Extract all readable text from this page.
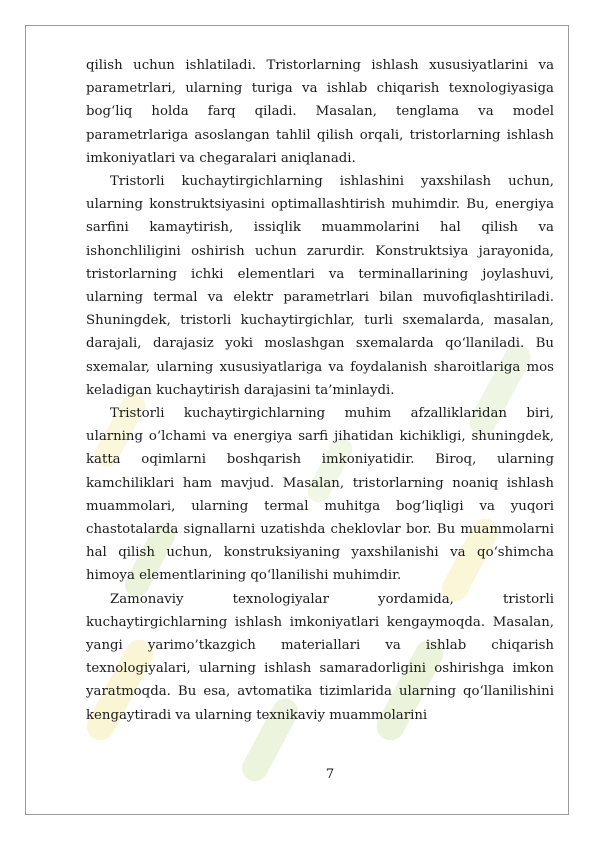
qilish uchun ishlatiladi. Tristorlarning ishlash xususiyatlarini va parametrlari, ularning turiga va ishlab chiqarish texnologiyasiga bog‘liq holda farq qiladi. Masalan, tenglama va model parametrlariga asoslangan tahlil qilish orqali, tristorlarning ishlash imkoniyatlari va chegaralari aniqlanadi.

Tristorli kuchaytirgichlarning ishlashini yaxshilash uchun, ularning konstruktsiyasini optimallashtirish muhimdir. Bu, energiya sarfini kamaytirish, issiqlik muammolarini hal qilish va ishonchliligini oshirish uchun zarurdir. Konstruktsiya jarayonida, tristorlarning ichki elementlari va terminallarining joylashuvi, ularning termal va elektr parametrlari bilan muvofiqlashtiriladi. Shuningdek, tristorli kuchaytirgichlar, turli sxemalarda, masalan, darajali, darajasiz yoki moslashgan sxemalarda qo‘llaniladi. Bu sxemalar, ularning xususiyatlariga va foydalanish sharoitlariga mos keladigan kuchaytirish darajasini ta’minlaydi.

Tristorli kuchaytirgichlarning muhim afzalliklaridan biri, ularning o‘lchami va energiya sarfi jihatidan kichikligi, shuningdek, katta oqimlarni boshqarish imkoniyatidir. Biroq, ularning kamchiliklari ham mavjud. Masalan, tristorlarning noaniq ishlash muammolari, ularning termal muhitga bog‘liqligi va yuqori chastotalarda signallarni uzatishda cheklovlar bor. Bu muammolarni hal qilish uchun, konstruksiyaning yaxshilanishi va qo‘shimcha himoya elementlarining qo‘llanilishi muhimdir.

Zamonaviy texnologiyalar yordamida, tristorli kuchaytirgichlarning ishlash imkoniyatlari kengaymoqda. Masalan, yangi yarimo’tkazgich materiallari va ishlab chiqarish texnologiyalari, ularning ishlash samaradorligini oshirishga imkon yaratmoqda. Bu esa, avtomatika tizimlarida ularning qo‘llanilishini kengaytiradi va ularning texnikaviy muammolarini

7
